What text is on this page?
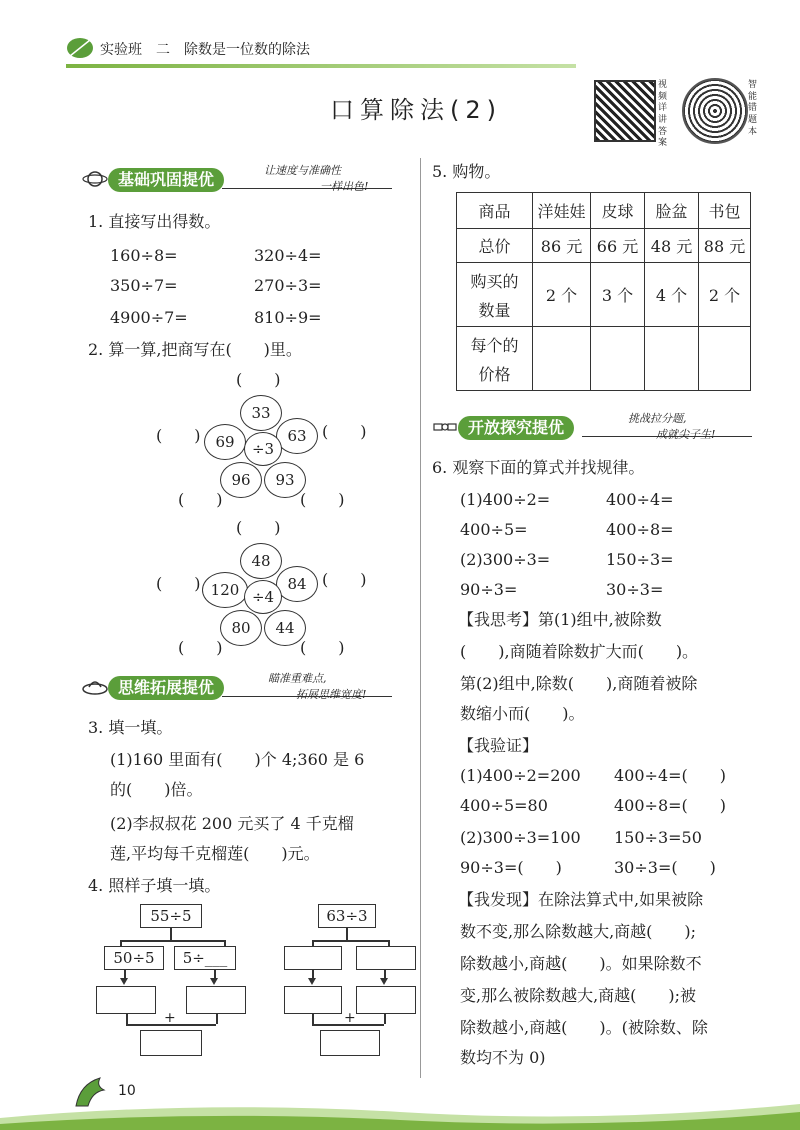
实验班　 二　除数是一位数的除法
口算除法(2)
视频详讲答案
智能错题本
基础巩固提优	让速度与准确性
一样出色!
1. 直接写出得数。
160÷8=	320÷4=
350÷7=	270÷3=
4900÷7=	810÷9=
2. 算一算,把商写在(　　)里。
(　　)
(　　)	(　　)
(　　)	(　　)
33
63
93
96
69	÷3
(　　)
(　　)	(　　)
(　　)	(　　)
48
84
44
80
120 ÷4
思维拓展提优	瞄准重难点,
拓展思维宽度!
3. 填一填。
(1)160 里面有(　　)个 4;360 是 6
的(　　)倍。
(2)李叔叔花 200 元买了 4 千克榴
莲,平均每千克榴莲(　　)元。
4. 照样子填一填。
55÷5
50÷5	5÷___
+
63÷3
+
5. 购物。
商品	洋娃娃	皮球	脸盆	书包
总价	86 元	66 元	48 元	88 元

购买的
数量	2 个	3 个	4 个	2 个

每个的
价格				

开放探究提优	挑战拉分题,
成就尖子生!
6. 观察下面的算式并找规律。
(1)400÷2=	400÷4=
400÷5=	400÷8=
(2)300÷3=	150÷3=
90÷3=	30÷3=
【我思考】第(1)组中,被除数
(　　),商随着除数扩大而(　　)。
第(2)组中,除数(　　),商随着被除
数缩小而(　　)。
【我验证】
(1)400÷2=200 400÷4=(　　)
400÷5=80	400÷8=(　　)
(2)300÷3=100 150÷3=50
90÷3=(　　)	30÷3=(　　)
【我发现】在除法算式中,如果被除
数不变,那么除数越大,商越(　　);
除数越小,商越(　　)。如果除数不
变,那么被除数越大,商越(　　);被
除数越小,商越(　　)。(被除数、除
数均不为 0)
10
